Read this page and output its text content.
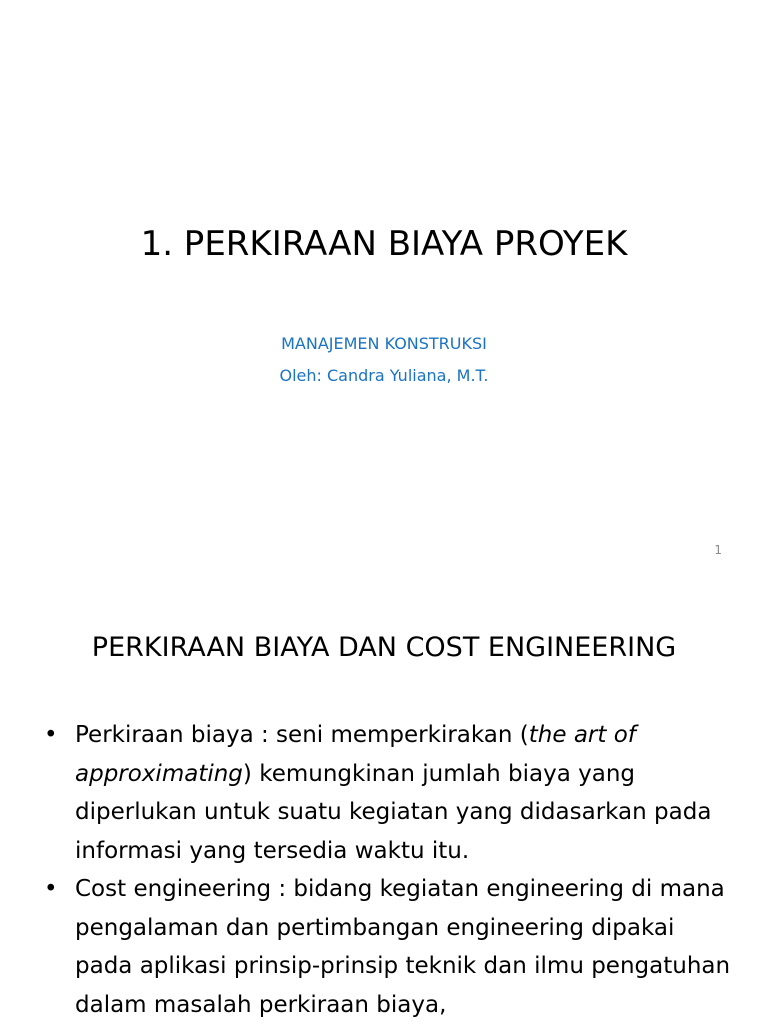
1. PERKIRAAN BIAYA PROYEK
MANAJEMEN KONSTRUKSI
Oleh: Candra Yuliana, M.T.
1
PERKIRAAN BIAYA DAN COST ENGINEERING
• Perkiraan biaya : seni memperkirakan (the art of approximating) kemungkinan jumlah biaya yang diperlukan untuk suatu kegiatan yang didasarkan pada informasi yang tersedia waktu itu.
• Cost engineering : bidang kegiatan engineering di mana pengalaman dan pertimbangan engineering dipakai pada aplikasi prinsip-prinsip teknik dan ilmu pengatuhan dalam masalah perkiraan biaya,
